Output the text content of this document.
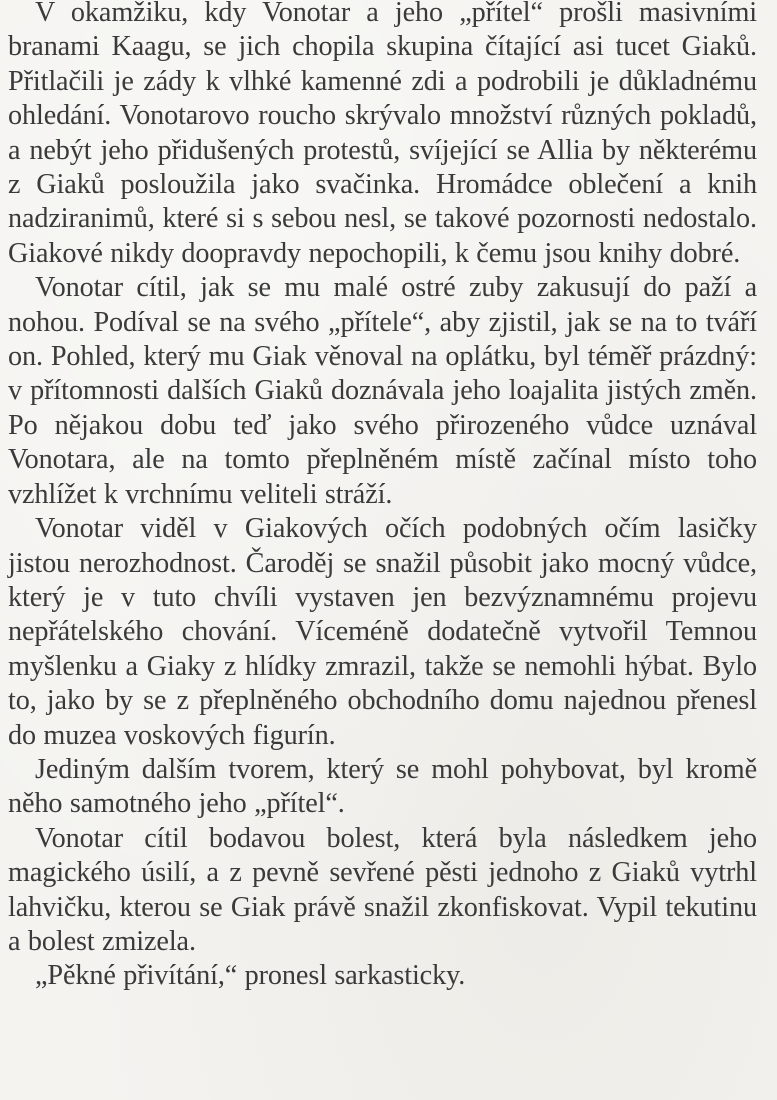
V okamžiku, kdy Vonotar a jeho „přítel“ prošli masivními branami Kaagu, se jich chopila skupina čítající asi tucet Giaků. Přitlačili je zády k vlhké kamenné zdi a podrobili je důkladnému ohledání. Vonotarovo roucho skrývalo množství různých pokladů, a nebýt jeho přidušených protestů, svíjející se Allia by některému z Giaků posloužila jako svačinka. Hromádce oblečení a knih nadziranimů, které si s sebou nesl, se takové pozornosti nedostalo. Giakové nikdy doopravdy nepochopili, k čemu jsou knihy dobré.

Vonotar cítil, jak se mu malé ostré zuby zakusují do paží a nohou. Podíval se na svého „přítele“, aby zjistil, jak se na to tváří on. Pohled, který mu Giak věnoval na oplátku, byl téměř prázdný: v přítomnosti dalších Giaků doznávala jeho loajalita jistých změn. Po nějakou dobu teď jako svého přirozeného vůdce uznával Vonotara, ale na tomto přeplněném místě začínal místo toho vzhlížet k vrchnímu veliteli stráží.

Vonotar viděl v Giakových očích podobných očím lasičky jistou nerozhodnost. Čaroděj se snažil působit jako mocný vůdce, který je v tuto chvíli vystaven jen bezvýznamnému projevu nepřátelského chování. Víceméně dodatečně vytvořil Temnou myšlenku a Giaky z hlídky zmrazil, takže se nemohli hýbat. Bylo to, jako by se z přeplněného obchodního domu najednou přenesl do muzea voskových figurín.

Jediným dalším tvorem, který se mohl pohybovat, byl kromě něho samotného jeho „přítel“.

Vonotar cítil bodavou bolest, která byla následkem jeho magického úsilí, a z pevně sevřené pěsti jednoho z Giaků vytrhl lahvičku, kterou se Giak právě snažil zkonfiskovat. Vypil tekutinu a bolest zmizela.

„Pěkné přivítání,“ pronesl sarkasticky.
